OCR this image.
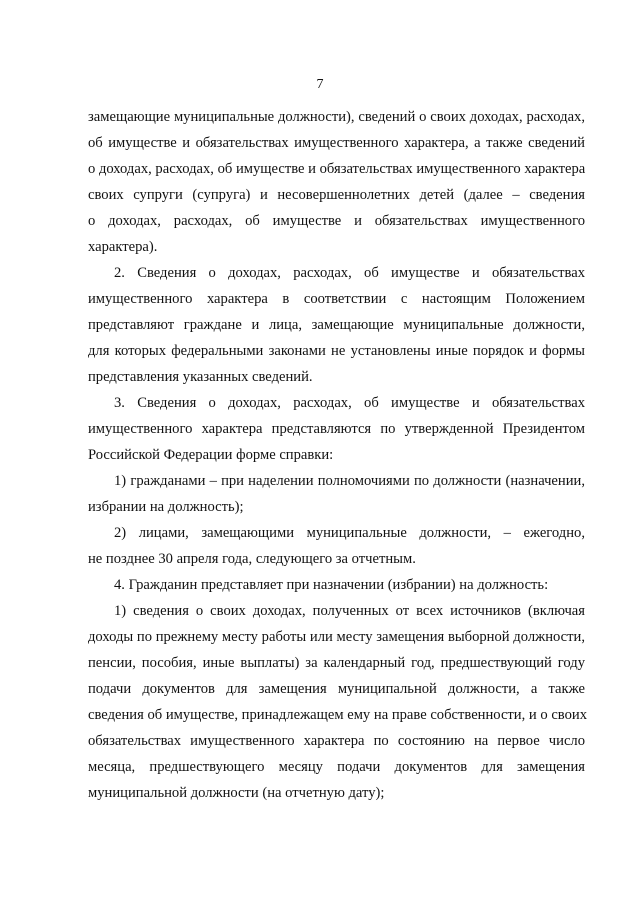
7
замещающие муниципальные должности), сведений о своих доходах, расходах,
об имуществе и обязательствах имущественного характера, а также сведений
о доходах, расходах, об имуществе и обязательствах имущественного характера
своих супруги (супруга) и несовершеннолетних детей (далее – сведения
о доходах, расходах, об имуществе и обязательствах имущественного
характера).
2. Сведения о доходах, расходах, об имуществе и обязательствах
имущественного характера в соответствии с настоящим Положением
представляют граждане и лица, замещающие муниципальные должности,
для которых федеральными законами не установлены иные порядок и формы
представления указанных сведений.
3. Сведения о доходах, расходах, об имуществе и обязательствах
имущественного характера представляются по утвержденной Президентом
Российской Федерации форме справки:
1) гражданами – при наделении полномочиями по должности (назначении,
избрании на должность);
2) лицами, замещающими муниципальные должности, – ежегодно,
не позднее 30 апреля года, следующего за отчетным.
4. Гражданин представляет при назначении (избрании) на должность:
1) сведения о своих доходах, полученных от всех источников (включая
доходы по прежнему месту работы или месту замещения выборной должности,
пенсии, пособия, иные выплаты) за календарный год, предшествующий году
подачи документов для замещения муниципальной должности, а также
сведения об имуществе, принадлежащем ему на праве собственности, и о своих
обязательствах имущественного характера по состоянию на первое число
месяца, предшествующего месяцу подачи документов для замещения
муниципальной должности (на отчетную дату);
